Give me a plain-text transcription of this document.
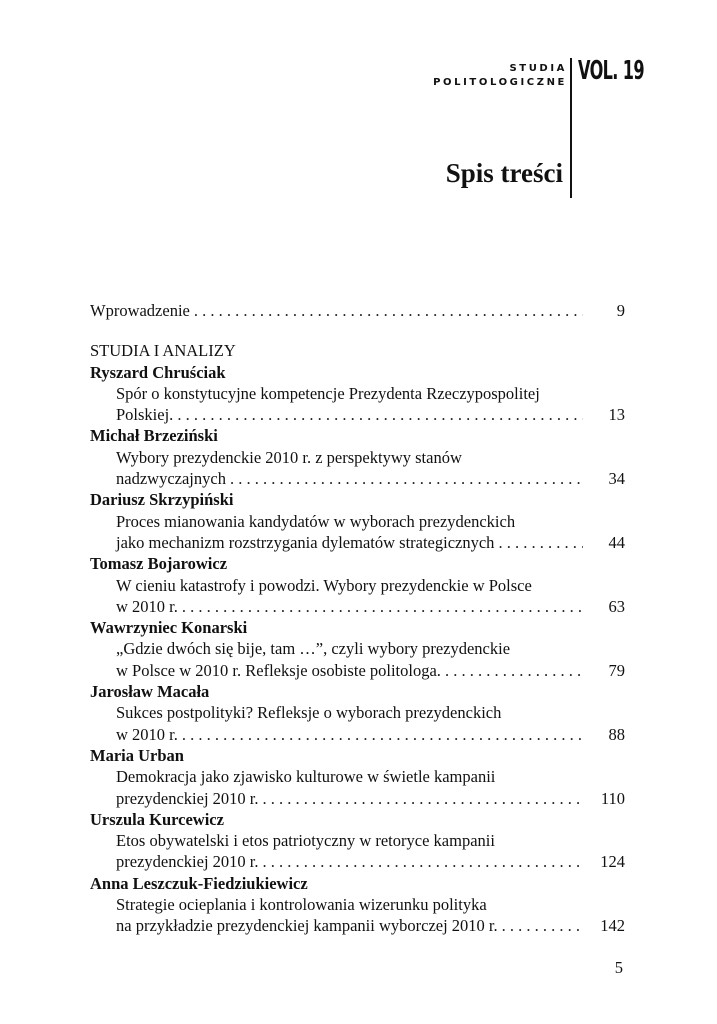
STUDIA
POLITOLOGICZNE VOL. 19
Spis treści
Wprowadzenie . . .	9
STUDIA I ANALIZY
Ryszard Chruściak
Spór o konstytucyjne kompetencje Prezydenta Rzeczypospolitej
Polskiej. . . .	13
Michał Brzeziński
Wybory prezydenckie 2010 r. z perspektywy stanów
nadzwyczajnych . . .	34
Dariusz Skrzypiński
Proces mianowania kandydatów w wyborach prezydenckich
jako mechanizm rozstrzygania dylematów strategicznych . . .	44
Tomasz Bojarowicz
W cieniu katastrofy i powodzi. Wybory prezydenckie w Polsce
w 2010 r. . . .	63
Wawrzyniec Konarski
„Gdzie dwóch się bije, tam …”, czyli wybory prezydenckie
w Polsce w 2010 r. Refleksje osobiste politologa. . . .	79
Jarosław Macała
Sukces postpolityki? Refleksje o wyborach prezydenckich
w 2010 r. . . .	88
Maria Urban
Demokracja jako zjawisko kulturowe w świetle kampanii
prezydenckiej 2010 r. . . .	110
Urszula Kurcewicz
Etos obywatelski i etos patriotyczny w retoryce kampanii
prezydenckiej 2010 r. . . .	124
Anna Leszczuk-Fiedziukiewicz
Strategie ocieplania i kontrolowania wizerunku polityka
na przykładzie prezydenckiej kampanii wyborczej 2010 r. . . .	142
5
